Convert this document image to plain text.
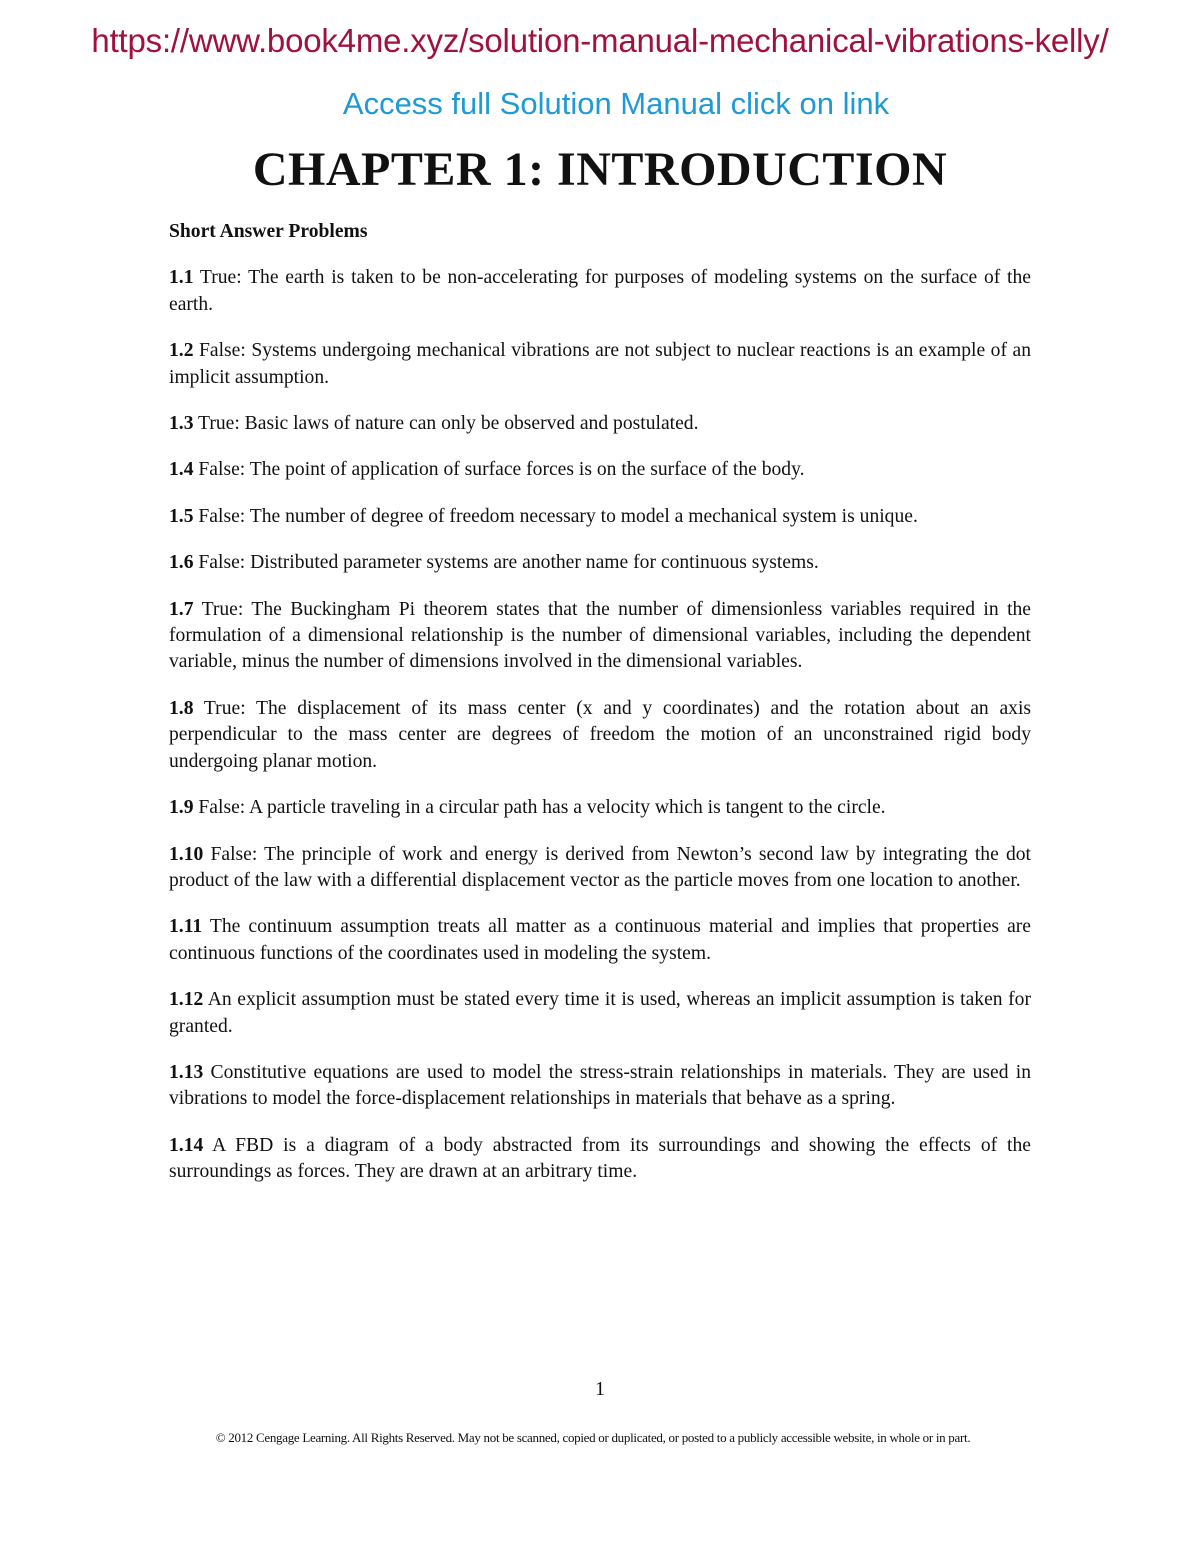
https://www.book4me.xyz/solution-manual-mechanical-vibrations-kelly/
Access full Solution Manual click on link
CHAPTER 1: INTRODUCTION

Short Answer Problems

1.1 True: The earth is taken to be non-accelerating for purposes of modeling systems on the surface of the earth.

1.2 False: Systems undergoing mechanical vibrations are not subject to nuclear reactions is an example of an implicit assumption.

1.3 True: Basic laws of nature can only be observed and postulated.

1.4 False: The point of application of surface forces is on the surface of the body.

1.5 False: The number of degree of freedom necessary to model a mechanical system is unique.

1.6 False: Distributed parameter systems are another name for continuous systems.

1.7 True: The Buckingham Pi theorem states that the number of dimensionless variables required in the formulation of a dimensional relationship is the number of dimensional variables, including the dependent variable, minus the number of dimensions involved in the dimensional variables.

1.8 True: The displacement of its mass center (x and y coordinates) and the rotation about an axis perpendicular to the mass center are degrees of freedom the motion of an unconstrained rigid body undergoing planar motion.

1.9 False: A particle traveling in a circular path has a velocity which is tangent to the circle.

1.10 False: The principle of work and energy is derived from Newton’s second law by integrating the dot product of the law with a differential displacement vector as the particle moves from one location to another.

1.11 The continuum assumption treats all matter as a continuous material and implies that properties are continuous functions of the coordinates used in modeling the system.

1.12 An explicit assumption must be stated every time it is used, whereas an implicit assumption is taken for granted.

1.13 Constitutive equations are used to model the stress-strain relationships in materials. They are used in vibrations to model the force-displacement relationships in materials that behave as a spring.

1.14 A FBD is a diagram of a body abstracted from its surroundings and showing the effects of the surroundings as forces. They are drawn at an arbitrary time.

1
© 2012 Cengage Learning. All Rights Reserved. May not be scanned, copied or duplicated, or posted to a publicly accessible website, in whole or in part.
